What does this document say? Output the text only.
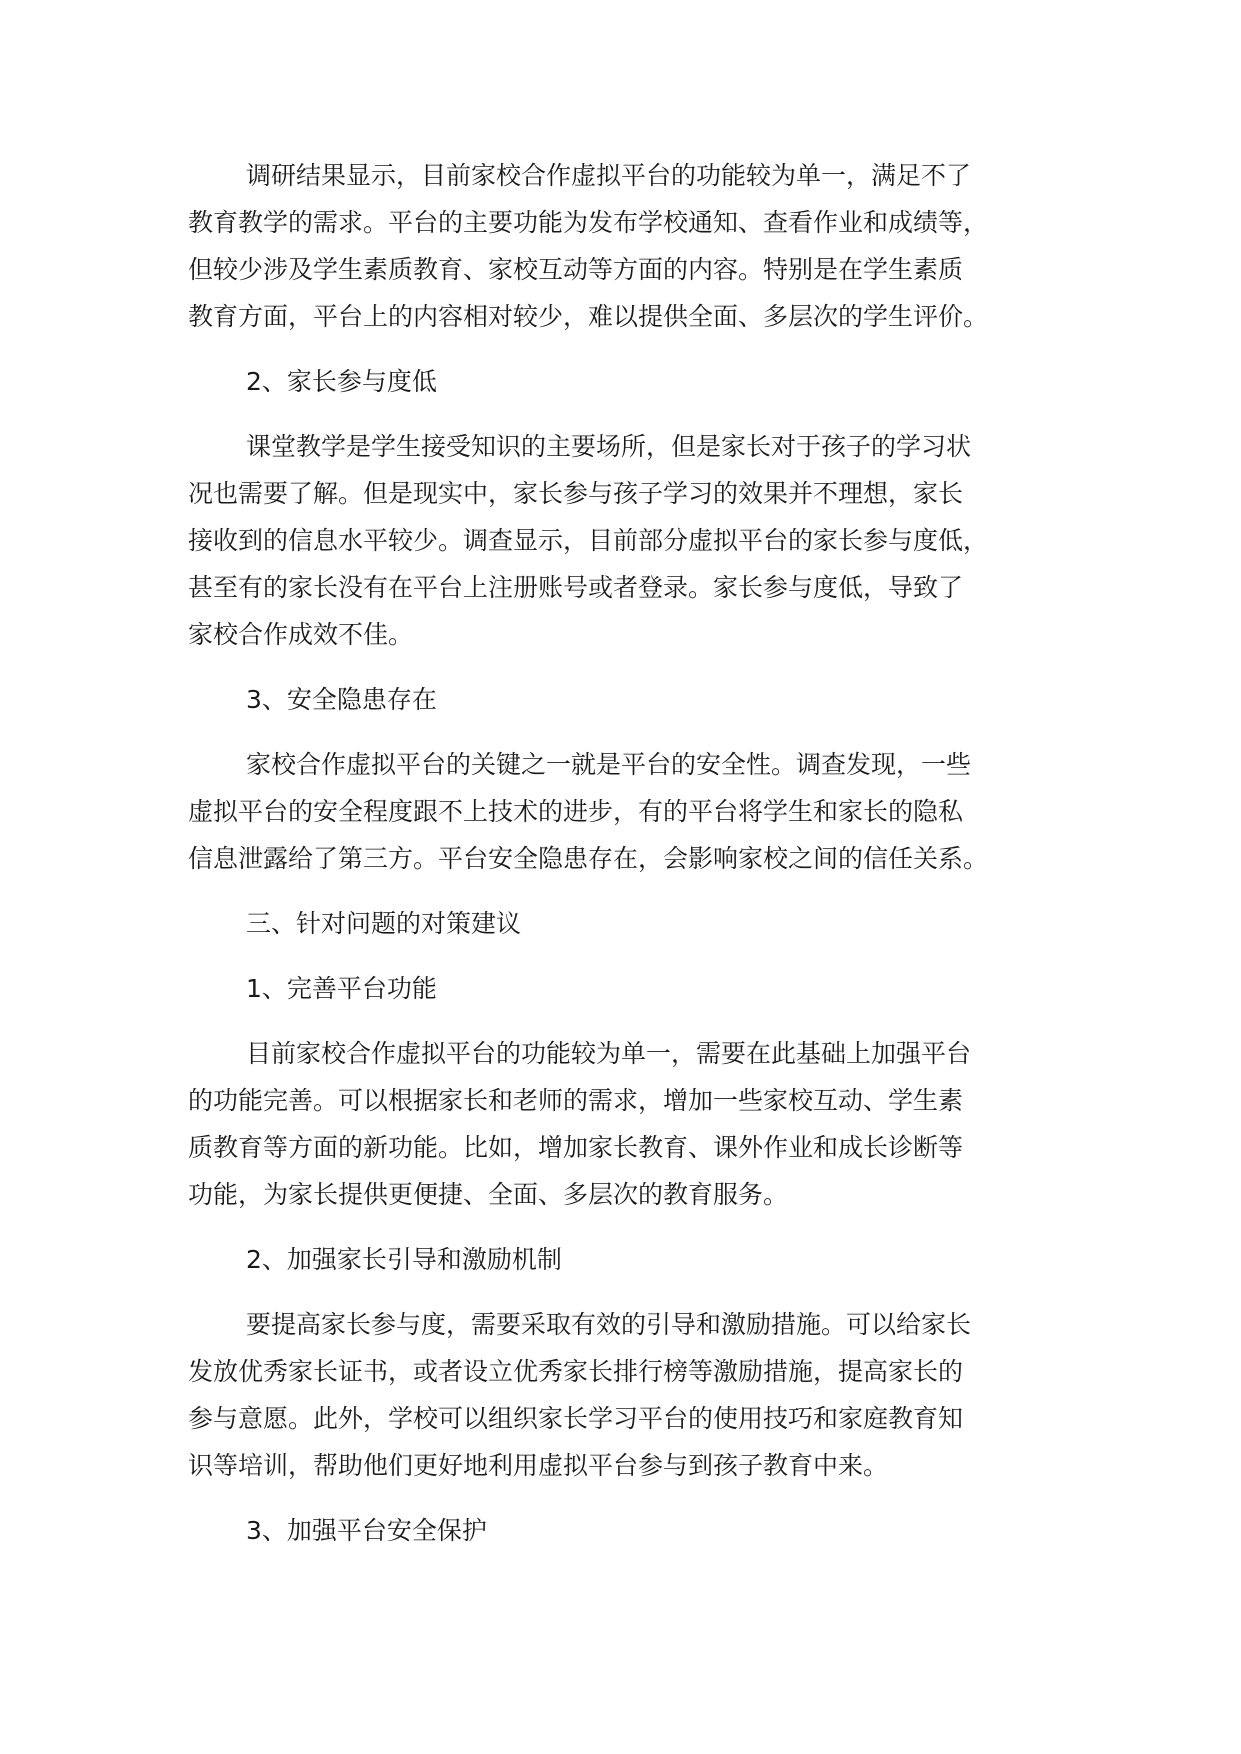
调研结果显示，目前家校合作虚拟平台的功能较为单一，满足不了
教育教学的需求。平台的主要功能为发布学校通知、查看作业和成绩等，
但较少涉及学生素质教育、家校互动等方面的内容。特别是在学生素质
教育方面，平台上的内容相对较少，难以提供全面、多层次的学生评价。
2、家长参与度低
课堂教学是学生接受知识的主要场所，但是家长对于孩子的学习状
况也需要了解。但是现实中，家长参与孩子学习的效果并不理想，家长
接收到的信息水平较少。调查显示，目前部分虚拟平台的家长参与度低，
甚至有的家长没有在平台上注册账号或者登录。家长参与度低，导致了
家校合作成效不佳。
3、安全隐患存在
家校合作虚拟平台的关键之一就是平台的安全性。调查发现，一些
虚拟平台的安全程度跟不上技术的进步，有的平台将学生和家长的隐私
信息泄露给了第三方。平台安全隐患存在，会影响家校之间的信任关系。
三、针对问题的对策建议
1、完善平台功能
目前家校合作虚拟平台的功能较为单一，需要在此基础上加强平台
的功能完善。可以根据家长和老师的需求，增加一些家校互动、学生素
质教育等方面的新功能。比如，增加家长教育、课外作业和成长诊断等
功能，为家长提供更便捷、全面、多层次的教育服务。
2、加强家长引导和激励机制
要提高家长参与度，需要采取有效的引导和激励措施。可以给家长
发放优秀家长证书，或者设立优秀家长排行榜等激励措施，提高家长的
参与意愿。此外，学校可以组织家长学习平台的使用技巧和家庭教育知
识等培训，帮助他们更好地利用虚拟平台参与到孩子教育中来。
3、加强平台安全保护
